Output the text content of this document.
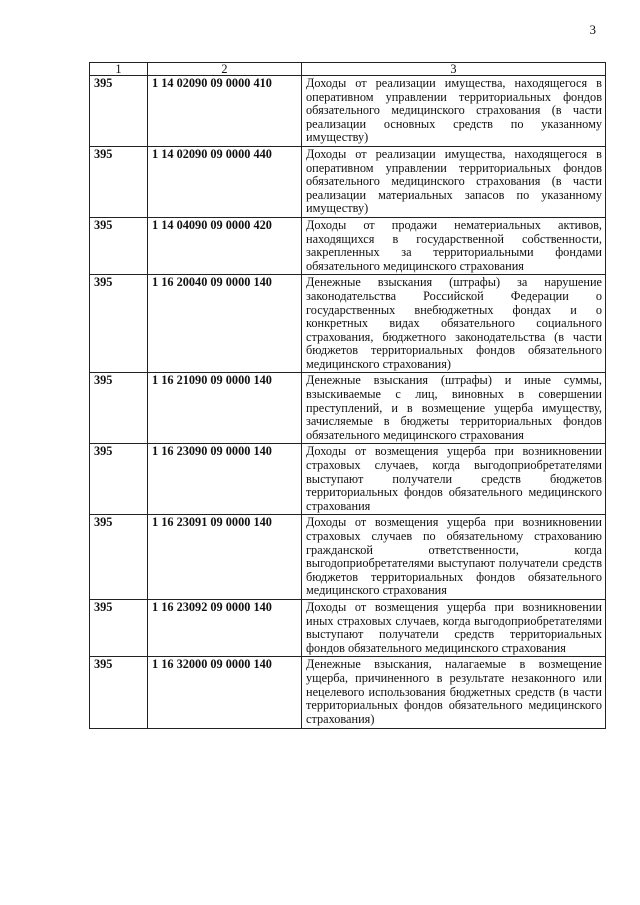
3
1	2	3
395	1 14 02090 09 0000 410	Доходы от реализации имущества, находящегося в оперативном управлении территориальных фондов обязательного медицинского страхования (в части реализации основных средств по указанному имуществу)
395	1 14 02090 09 0000 440	Доходы от реализации имущества, находящегося в оперативном управлении территориальных фондов обязательного медицинского страхования (в части реализации материальных запасов по указанному имуществу)
395	1 14 04090 09 0000 420	Доходы от продажи нематериальных активов, находящихся в государственной собственности, закрепленных за территориальными фондами обязательного медицинского страхования
395	1 16 20040 09 0000 140	Денежные взыскания (штрафы) за нарушение законодательства Российской Федерации о государственных внебюджетных фондах и о конкретных видах обязательного социального страхования, бюджетного законодательства (в части бюджетов территориальных фондов обязательного медицинского страхования)
395	1 16 21090 09 0000 140	Денежные взыскания (штрафы) и иные суммы, взыскиваемые с лиц, виновных в совершении преступлений, и в возмещение ущерба имуществу, зачисляемые в бюджеты территориальных фондов обязательного медицинского страхования
395	1 16 23090 09 0000 140	Доходы от возмещения ущерба при возникновении страховых случаев, когда выгодоприобретателями выступают получатели средств бюджетов территориальных фондов обязательного медицинского страхования
395	1 16 23091 09 0000 140	Доходы от возмещения ущерба при возникновении страховых случаев по обязательному страхованию гражданской ответственности, когда выгодоприобретателями выступают получатели средств бюджетов территориальных фондов обязательного медицинского страхования
395	1 16 23092 09 0000 140	Доходы от возмещения ущерба при возникновении иных страховых случаев, когда выгодоприобретателями выступают получатели средств территориальных фондов обязательного медицинского страхования
395	1 16 32000 09 0000 140	Денежные взыскания, налагаемые в возмещение ущерба, причиненного в результате незаконного или нецелевого использования бюджетных средств (в части территориальных фондов обязательного медицинского страхования)
